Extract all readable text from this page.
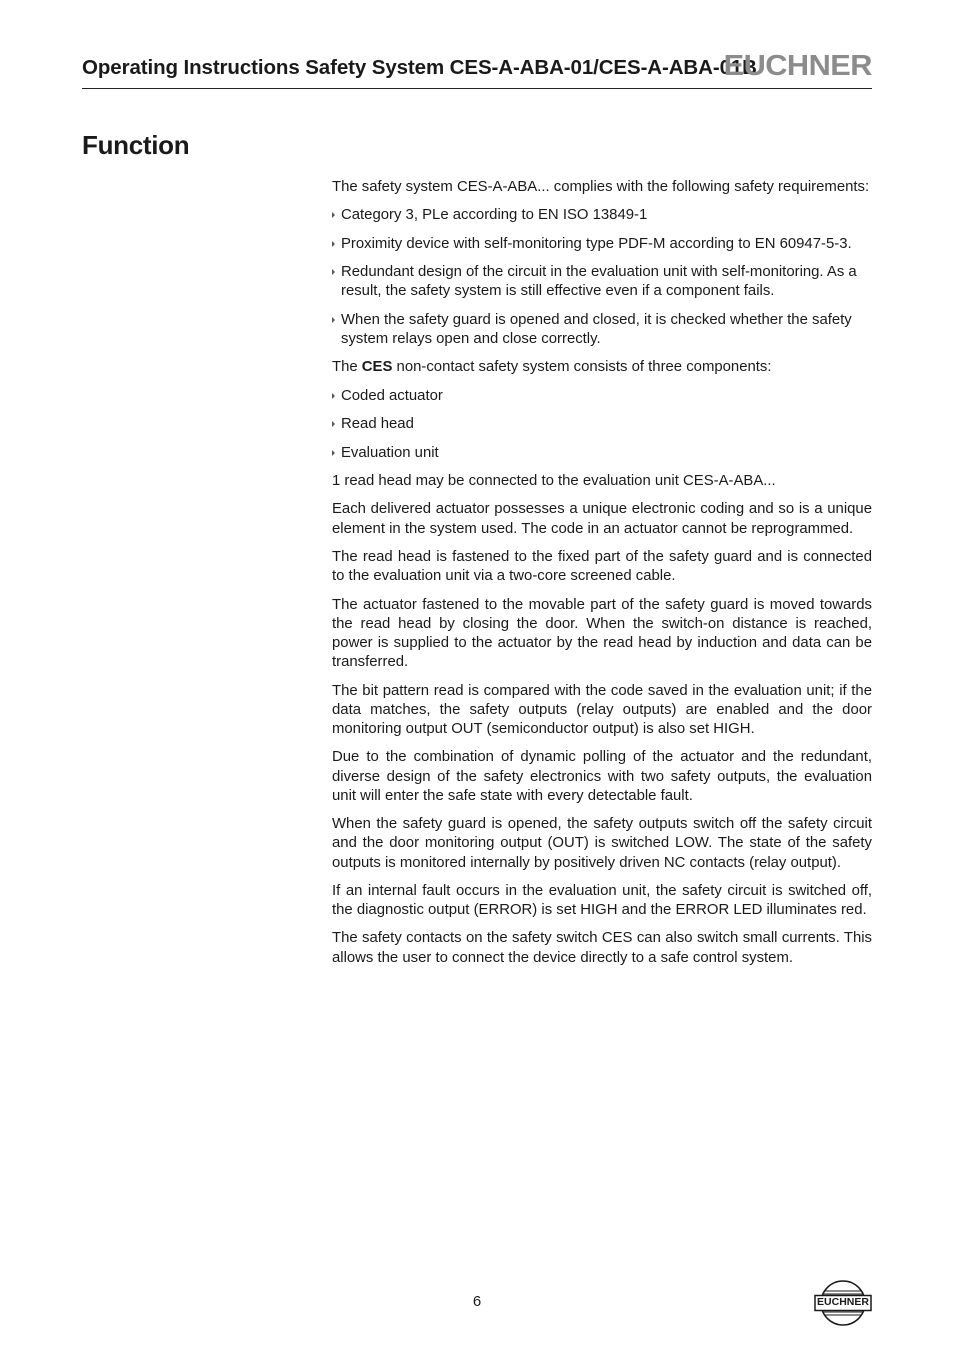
Operating Instructions Safety System CES-A-ABA-01/CES-A-ABA-01B
EUCHNER
Function

The safety system CES-A-ABA... complies with the following safety requirements:

Category 3, PLe according to EN ISO 13849-1
Proximity device with self-monitoring type PDF-M according to EN 60947-5-3.
Redundant design of the circuit in the evaluation unit with self-monitoring. As a result, the safety system is still effective even if a component fails.
When the safety guard is opened and closed, it is checked whether the safety system relays open and close correctly.

The CES non-contact safety system consists of three components:

Coded actuator
Read head
Evaluation unit

1 read head may be connected to the evaluation unit CES-A-ABA...

Each delivered actuator possesses a unique electronic coding and so is a unique element in the system used. The code in an actuator cannot be reprogrammed.

The read head is fastened to the fixed part of the safety guard and is connected to the evaluation unit via a two-core screened cable.

The actuator fastened to the movable part of the safety guard is moved towards the read head by closing the door. When the switch-on distance is reached, power is supplied to the actuator by the read head by induction and data can be transferred.

The bit pattern read is compared with the code saved in the evaluation unit; if the data matches, the safety outputs (relay outputs) are enabled and the door monitoring output OUT (semiconductor output) is also set HIGH.

Due to the combination of dynamic polling of the actuator and the redundant, diverse design of the safety electronics with two safety outputs, the evaluation unit will enter the safe state with every detectable fault.

When the safety guard is opened, the safety outputs switch off the safety circuit and the door monitoring output (OUT) is switched LOW. The state of the safety outputs is monitored internally by positively driven NC contacts (relay output).

If an internal fault occurs in the evaluation unit, the safety circuit is switched off, the diagnostic output (ERROR) is set HIGH and the ERROR LED illuminates red.

The safety contacts on the safety switch CES can also switch small currents. This allows the user to connect the device directly to a safe control system.

6	EUCHNER
